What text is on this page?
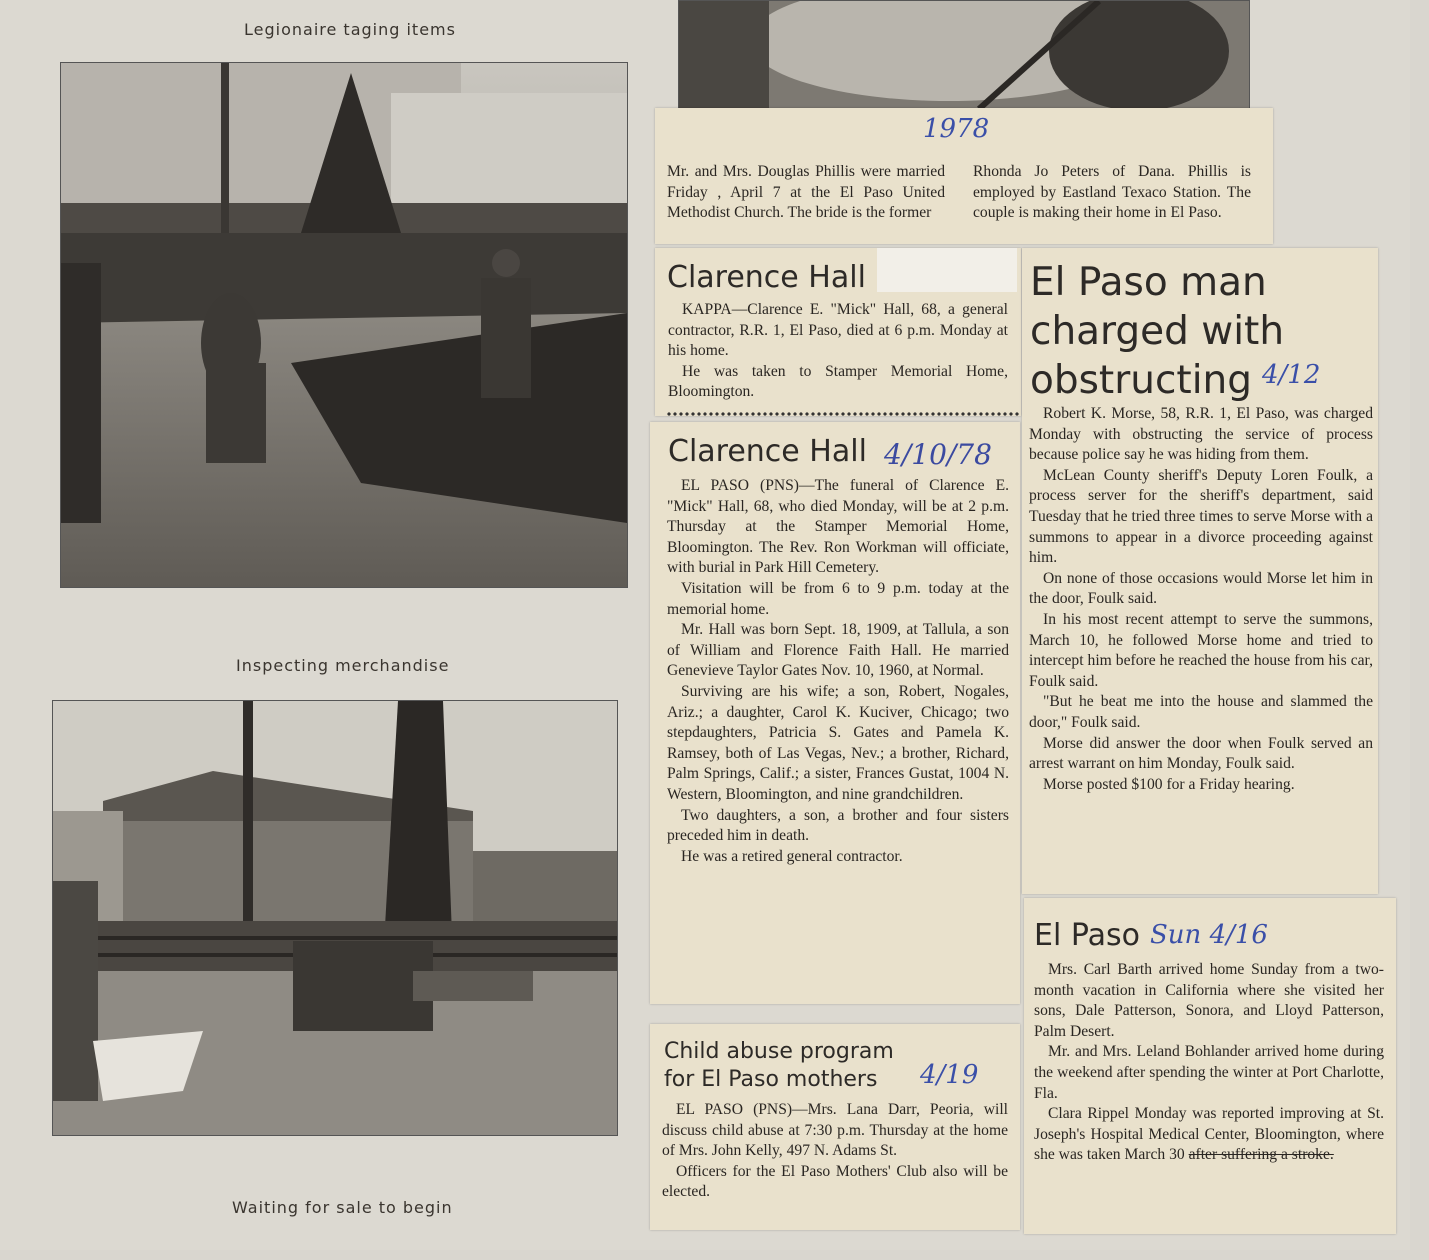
Legionaire taging items
Inspecting merchandise
Waiting for sale to begin
1978
Mr. and Mrs. Douglas Phillis were married Friday , April 7 at the El Paso United Methodist Church. The bride is the former
Rhonda Jo Peters of Dana. Phillis is employed by Eastland Texaco Station. The couple is making their home in El Paso.
Clarence Hall

KAPPA—Clarence E. "Mick" Hall, 68, a general contractor, R.R. 1, El Paso, died at 6 p.m. Monday at his home.

He was taken to Stamper Memorial Home, Bloomington.

Clarence Hall 4/10/78

EL PASO (PNS)—The funeral of Clarence E. "Mick" Hall, 68, who died Monday, will be at 2 p.m. Thursday at the Stamper Memorial Home, Bloomington. The Rev. Ron Workman will officiate, with burial in Park Hill Cemetery.

Visitation will be from 6 to 9 p.m. today at the memorial home.

Mr. Hall was born Sept. 18, 1909, at Tallula, a son of William and Florence Faith Hall. He married Genevieve Taylor Gates Nov. 10, 1960, at Normal.

Surviving are his wife; a son, Robert, Nogales, Ariz.; a daughter, Carol K. Kuciver, Chicago; two stepdaughters, Patricia S. Gates and Pamela K. Ramsey, both of Las Vegas, Nev.; a brother, Richard, Palm Springs, Calif.; a sister, Frances Gustat, 1004 N. Western, Bloomington, and nine grandchildren.

Two daughters, a son, a brother and four sisters preceded him in death.

He was a retired general contractor.

Child abuse program
for El Paso mothers	4/19

EL PASO (PNS)—Mrs. Lana Darr, Peoria, will discuss child abuse at 7:30 p.m. Thursday at the home of Mrs. John Kelly, 497 N. Adams St.

Officers for the El Paso Mothers' Club also will be elected.

El Paso man charged with obstructing 4/12

Robert K. Morse, 58, R.R. 1, El Paso, was charged Monday with obstructing the service of process because police say he was hiding from them.

McLean County sheriff's Deputy Loren Foulk, a process server for the sheriff's department, said Tuesday that he tried three times to serve Morse with a summons to appear in a divorce proceeding against him.

On none of those occasions would Morse let him in the door, Foulk said.

In his most recent attempt to serve the summons, March 10, he followed Morse home and tried to intercept him before he reached the house from his car, Foulk said.

"But he beat me into the house and slammed the door," Foulk said.

Morse did answer the door when Foulk served an arrest warrant on him Monday, Foulk said.

Morse posted $100 for a Friday hearing.

El Paso Sun 4/16

Mrs. Carl Barth arrived home Sunday from a two-month vacation in California where she visited her sons, Dale Patterson, Sonora, and Lloyd Patterson, Palm Desert.

Mr. and Mrs. Leland Bohlander arrived home during the weekend after spending the winter at Port Charlotte, Fla.

Clara Rippel Monday was reported improving at St. Joseph's Hospital Medical Center, Bloomington, where she was taken March 30 after suffering a stroke.
